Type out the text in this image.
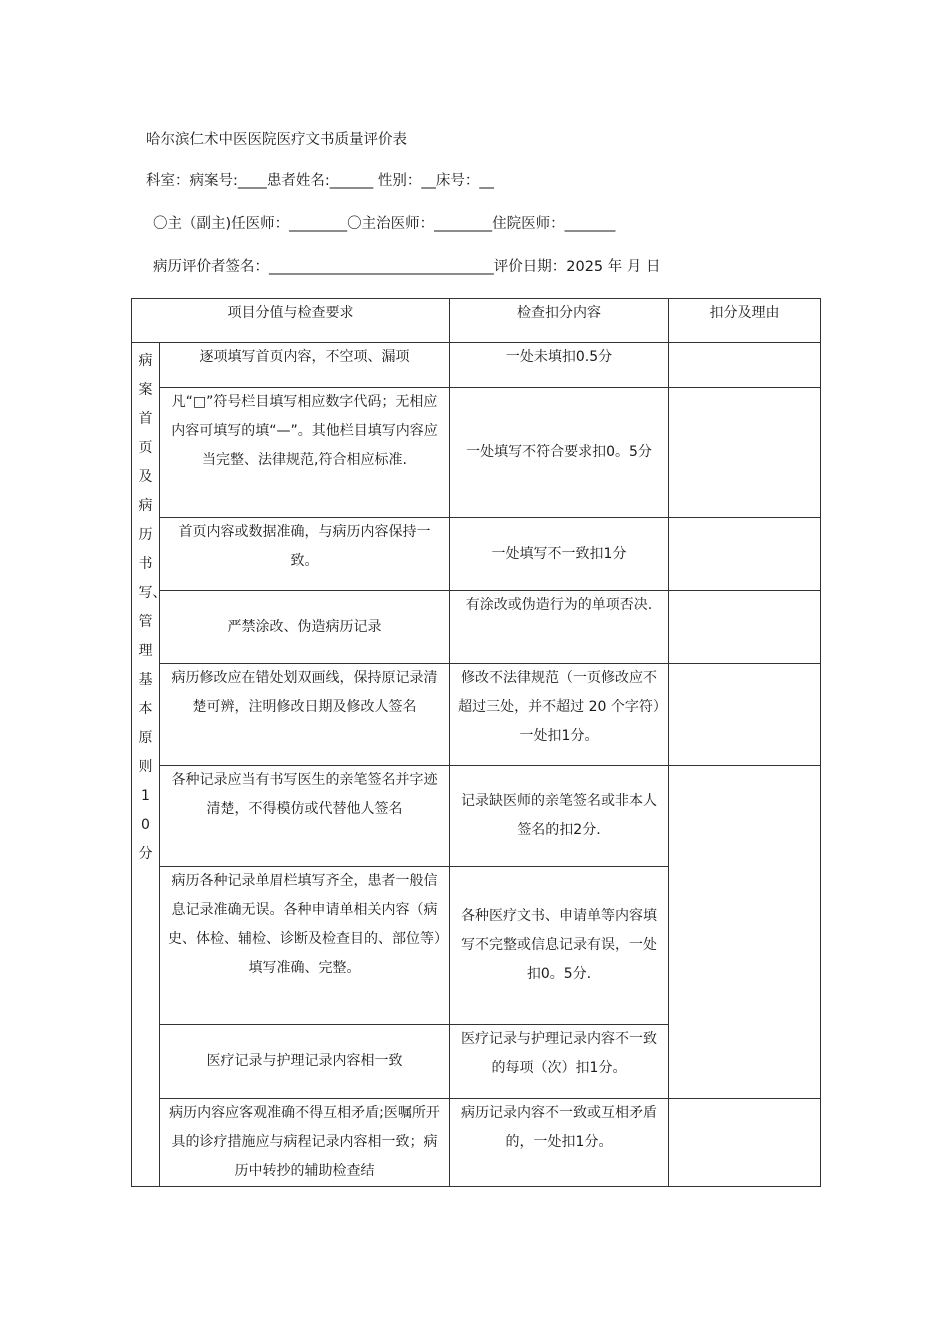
哈尔滨仁术中医医院医疗文书质量评价表
科室：病案号:____患者姓名:______ 性别：__床号：__
〇主（副主)任医师：________〇主治医师：________住院医师：_______
病历评价者签名：_______________________________评价日期：2025 年 月 日
项目分值与检查要求		检查扣分内容	扣分及理由

病案首页及病历书写、管理基本原则10分	逐项填写首页内容，不空项、漏项	一处未填扣0.5分	
	凡“□”符号栏目填写相应数字代码；无相应内容可填写的填“—”。其他栏目填写内容应当完整、法律规范,符合相应标准.	一处填写不符合要求扣0。5分	
	首页内容或数据准确，与病历内容保持一致。	一处填写不一致扣1分	
	严禁涂改、伪造病历记录	有涂改或伪造行为的单项否决.	
	病历修改应在错处划双画线，保持原记录清楚可辨，注明修改日期及修改人签名	修改不法律规范（一页修改应不超过三处，并不超过 20 个字符）一处扣1分。	
	各种记录应当有书写医生的亲笔签名并字迹清楚，不得模仿或代替他人签名	记录缺医师的亲笔签名或非本人签名的扣2分.	
	病历各种记录单眉栏填写齐全，患者一般信息记录准确无误。各种申请单相关内容（病史、体检、辅检、诊断及检查目的、部位等）填写准确、完整。	各种医疗文书、申请单等内容填写不完整或信息记录有误，一处扣0。5分.	
	医疗记录与护理记录内容相一致	医疗记录与护理记录内容不一致的每项（次）扣1分。	
	病历内容应客观准确不得互相矛盾;医嘱所开具的诊疗措施应与病程记录内容相一致；病历中转抄的辅助检查结	病历记录内容不一致或互相矛盾的，一处扣1分。	
